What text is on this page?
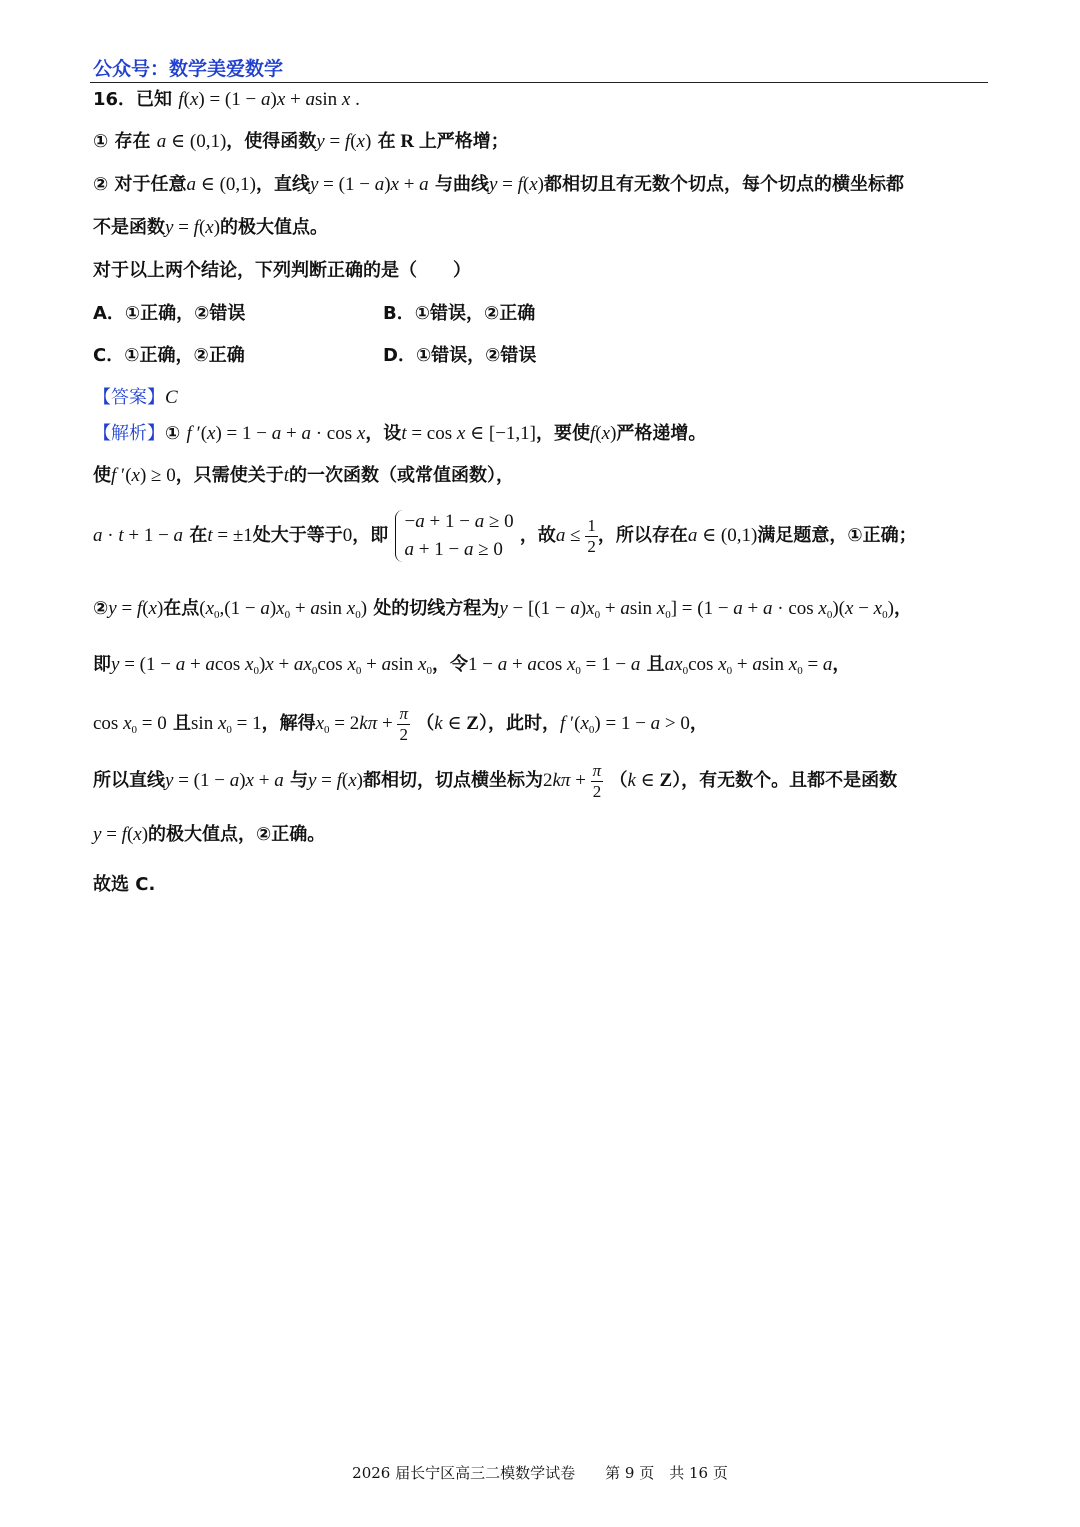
公众号：数学美爱数学
16．已知 f(x) = (1 − a)x + asin x .
① 存在 a ∈ (0,1)，使得函数y = f(x) 在 R 上严格增；
② 对于任意a ∈ (0,1)，直线y = (1 − a)x + a 与曲线y = f(x)都相切且有无数个切点，每个切点的横坐标都
不是函数y = f(x)的极大值点。
对于以上两个结论，下列判断正确的是（　　）
A．①正确，②错误	B．①错误，②正确
C．①正确，②正确	D．①错误，②错误
【答案】C
【解析】① f ′(x) = 1 − a + a · cos x，设t = cos x ∈ [−1,1]，要使f(x)严格递增。
使f ′(x) ≥ 0，只需使关于t的一次函数（或常值函数），
a · t + 1 − a 在t = ±1处大于等于0，即
−a + 1 − a ≥ 0
a + 1 − a ≥ 0
，故$a \le \frac{1}{2}$ ，所以存在a ∈ (0,1)满足题意，①正确；
②y = f(x)在点($x_0,(1 - a)x_0 + asin$ $x_0$) 处的切线方程为$y - [(1 - a)x_0 + asin$ $x_0] = (1 - a + a \cdot \cos x_0)(x - x_0)$，
即y = (1 − a + acos $x_0)x + ax_0\cos$ $x_0 + asin$ $x_0$，令1 − a + acos $x_0 = 1 - a$ 且$ax_0\cos$ $x_0 + asin$ $x_0 = a$，
$\cos x_0 = 0$ 且$\sin x_0 = 1$，解得$x_0 = 2k\pi + \frac{\pi}{2} (k$ ∈ Z），此时，f $'(x_0) = 1 - a > 0$，
所以直线y = (1 − a)x + a 与y = f(x)都相切，切点横坐标为$2k\pi + \frac{\pi}{2} (k$ ∈ Z），有无数个。且都不是函数
y = f(x)的极大值点，②正确。
故选 C.
2026 届长宁区高三二模数学试卷　　第 9 页　共 16 页
